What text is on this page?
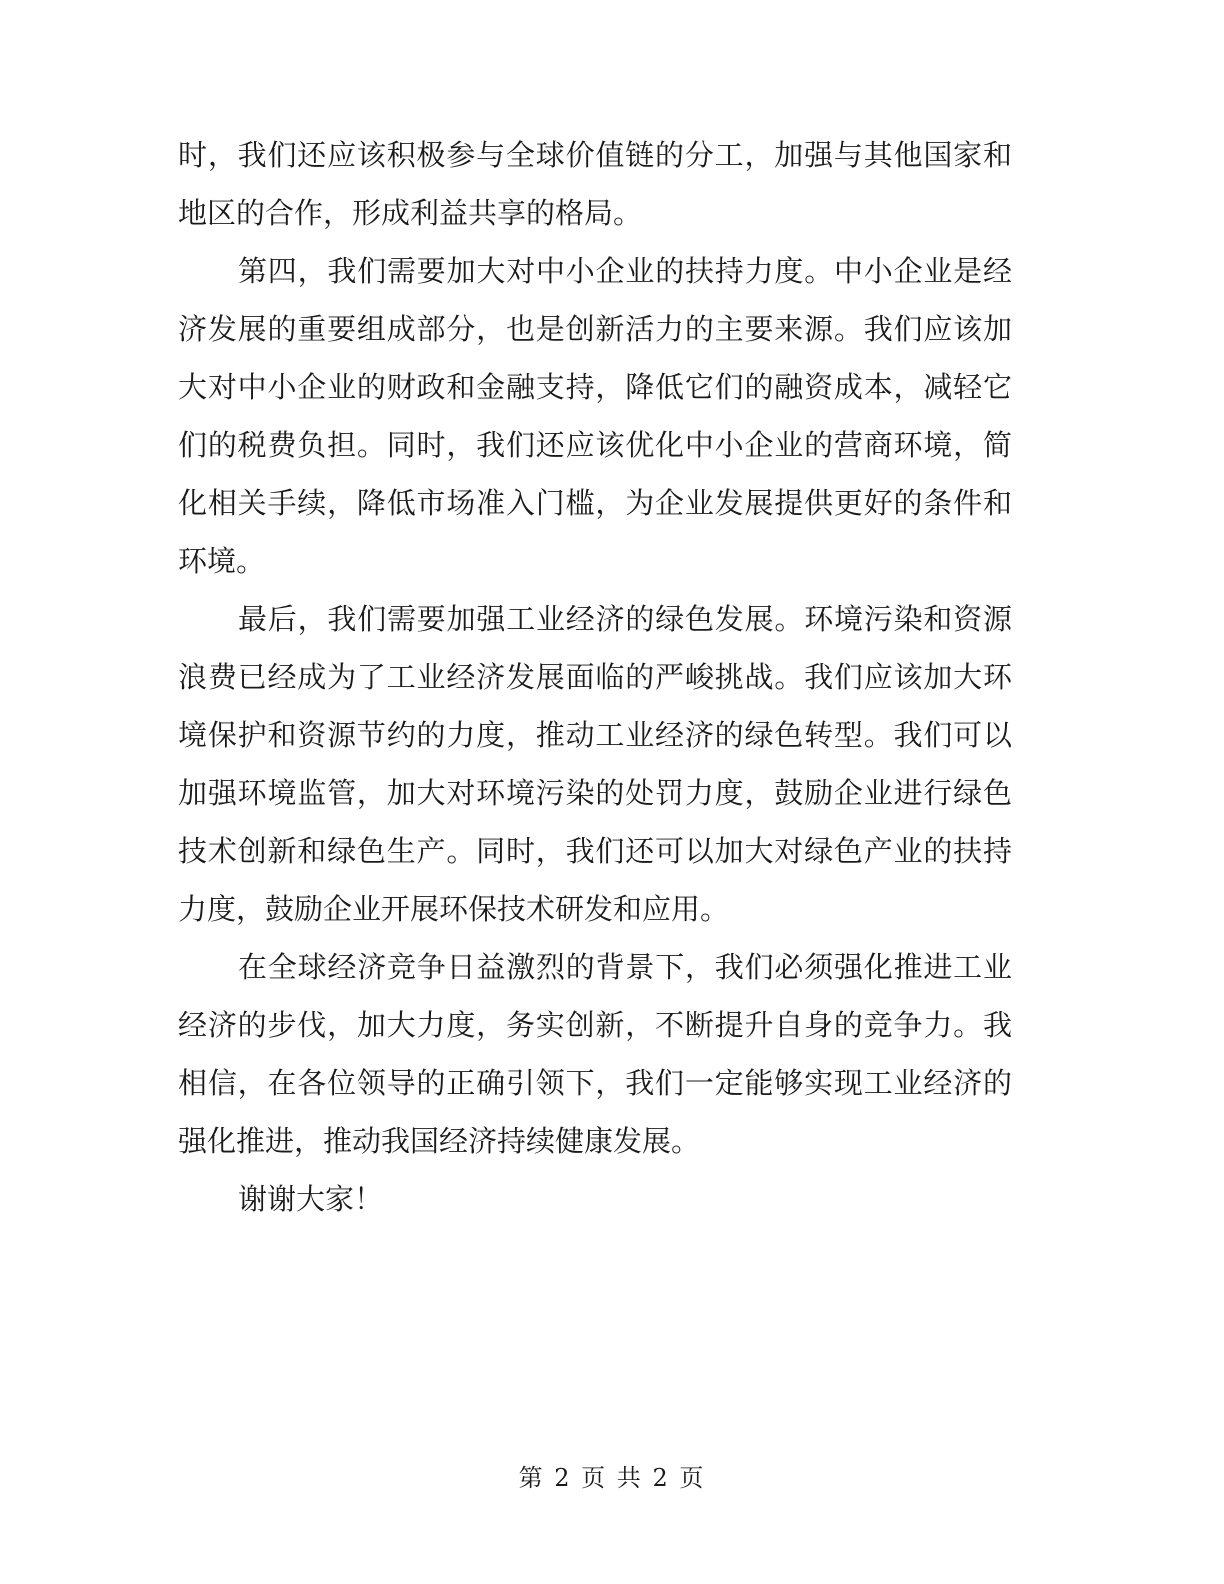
时，我们还应该积极参与全球价值链的分工，加强与其他国家和
地区的合作，形成利益共享的格局。
第四，我们需要加大对中小企业的扶持力度。中小企业是经
济发展的重要组成部分，也是创新活力的主要来源。我们应该加
大对中小企业的财政和金融支持，降低它们的融资成本，减轻它
们的税费负担。同时，我们还应该优化中小企业的营商环境，简
化相关手续，降低市场准入门槛，为企业发展提供更好的条件和
环境。
最后，我们需要加强工业经济的绿色发展。环境污染和资源
浪费已经成为了工业经济发展面临的严峻挑战。我们应该加大环
境保护和资源节约的力度，推动工业经济的绿色转型。我们可以
加强环境监管，加大对环境污染的处罚力度，鼓励企业进行绿色
技术创新和绿色生产。同时，我们还可以加大对绿色产业的扶持
力度，鼓励企业开展环保技术研发和应用。
在全球经济竞争日益激烈的背景下，我们必须强化推进工业
经济的步伐，加大力度，务实创新，不断提升自身的竞争力。我
相信，在各位领导的正确引领下，我们一定能够实现工业经济的
强化推进，推动我国经济持续健康发展。
谢谢大家！
第 2 页 共 2 页
